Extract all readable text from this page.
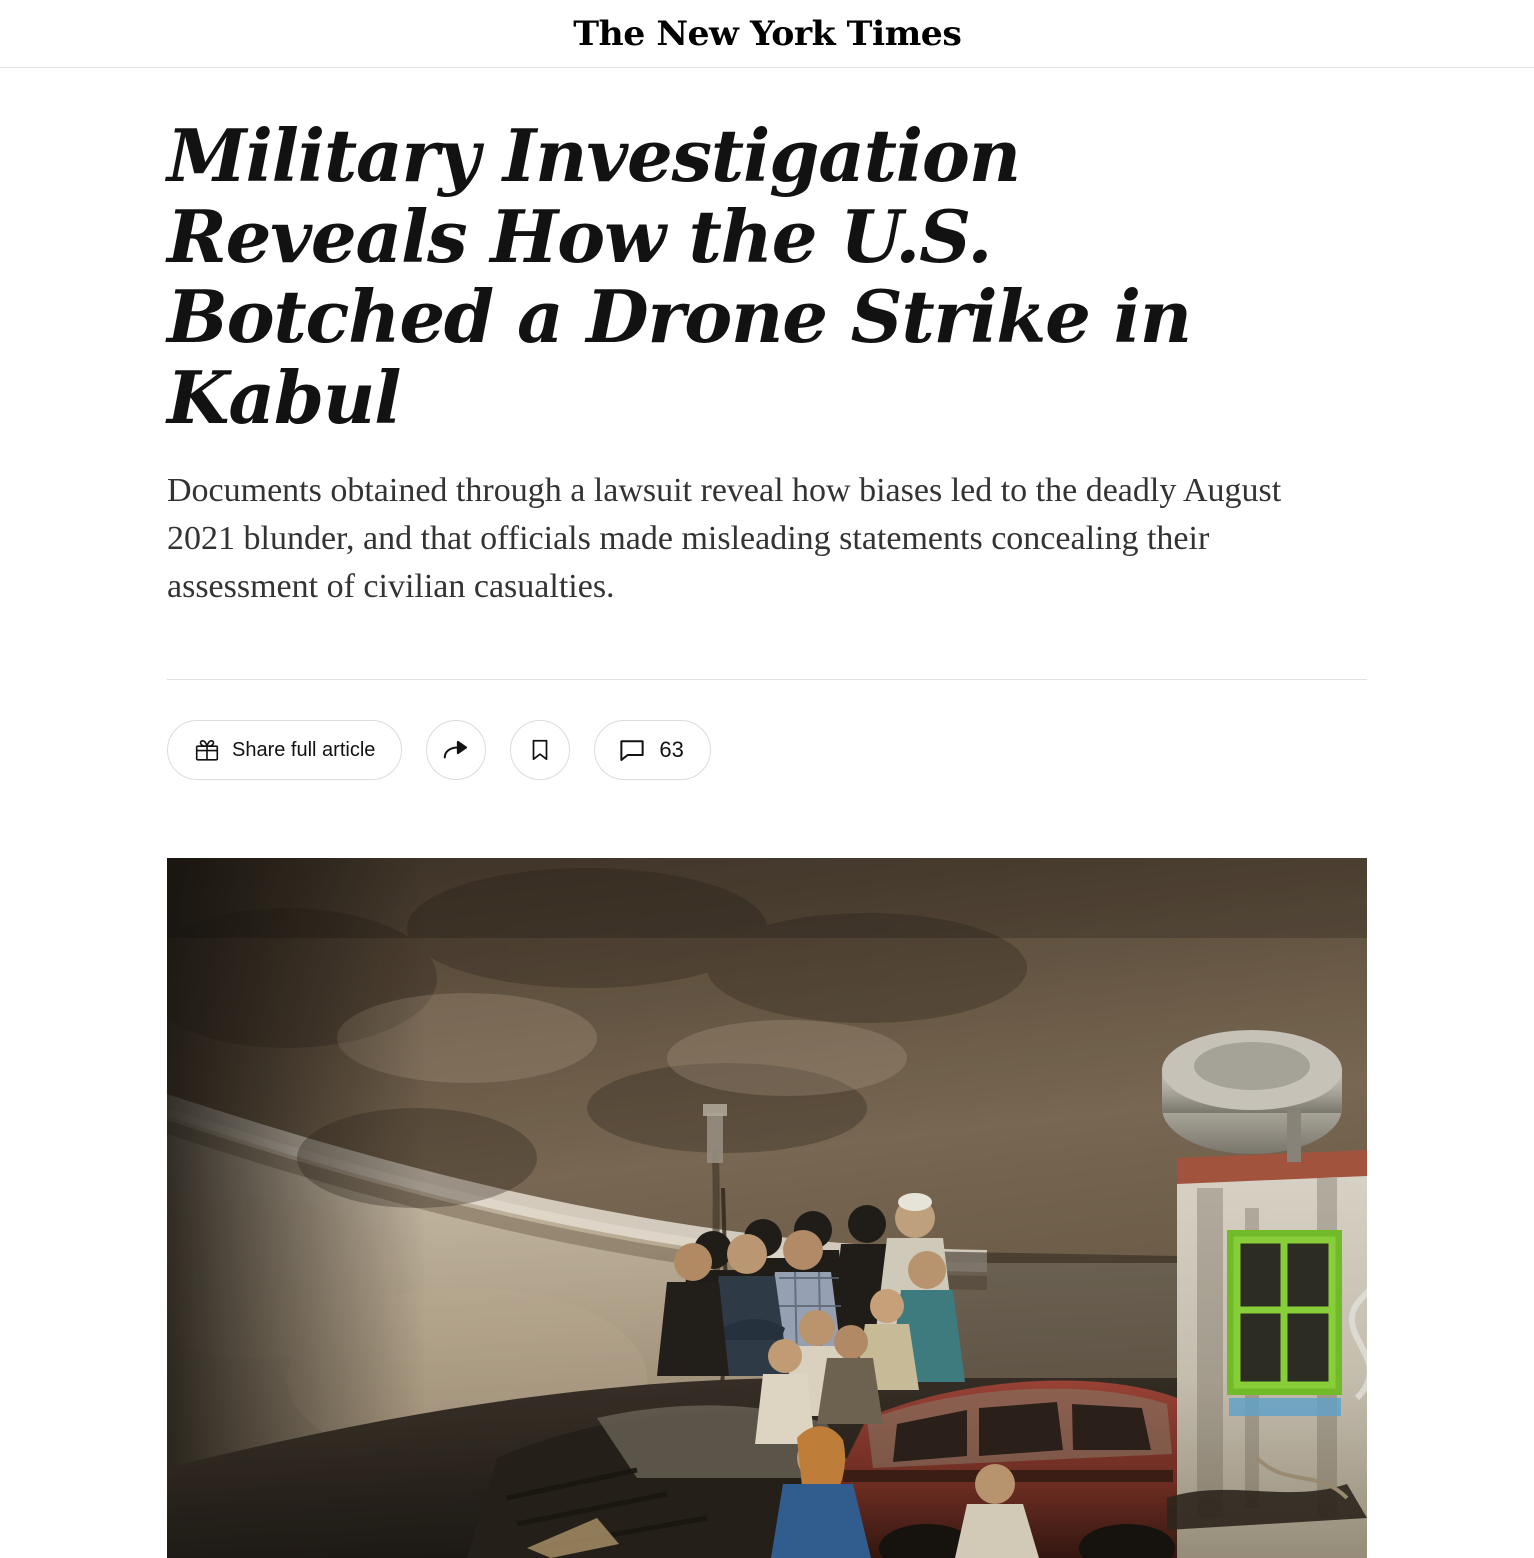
The New York Times
Military Investigation Reveals How the U.S. Botched a Drone Strike in Kabul

Documents obtained through a lawsuit reveal how biases led to the deadly August 2021 blunder, and that officials made misleading statements concealing their assessment of civilian casualties.

Share full article	63
